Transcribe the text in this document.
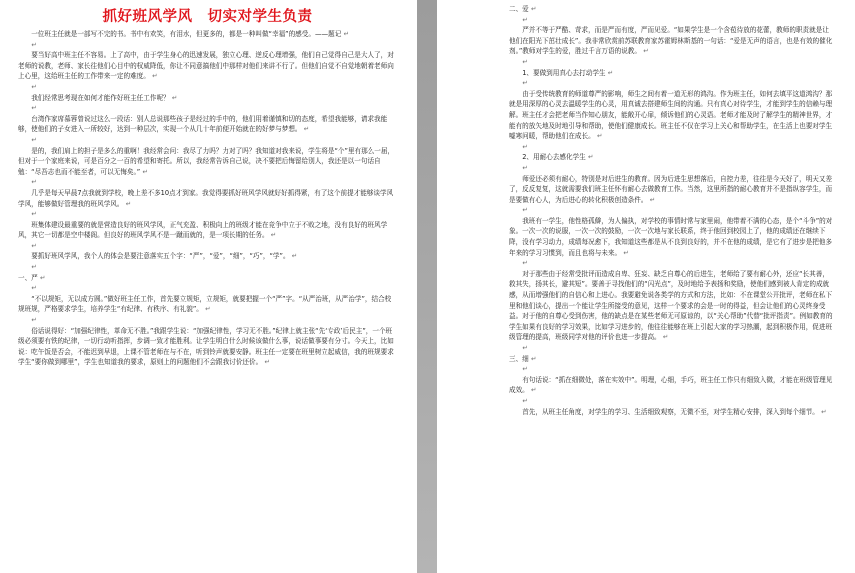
抓好班风学风　切实对学生负责

一位班主任就是一部写不完的书。书中有欢笑，有泪水，但更多的，都是一种叫做“幸福”的感受。——题记 ↵

↵

要当好高中班主任不容易。上了高中，由于学生身心的迅速发展，独立心理、逆反心理增强，他们自己觉得自己是大人了，对老师的说教，老师、家长往他们心目中的权威降低，你让不同意搞他们中那样对他们来讲不行了。但他们自觉不自觉地朝着老师向上心里，这给班主任的工作带来一定的难度。 ↵

↵

我们经常思考现在如何才能作好班主任工作呢？ ↵

↵

台湾作家席慕蓉曾说过这么一段话：别人总说那些孩子是经过的手中的，他们用着谨慎和切的态度，希望我能够，请求我能够，使他们的子女进入一所较好，达到一种层次，实现一个从几十年前便开始就在的好梦与梦想。 ↵

↵

是的，我们肩上的担子是多么的重啊！我经常会问：我尽了力吗？力对了吗？我知道对我来说，学生将是“个”里有那么一届，但对于一个家庭来说，可是百分之一百的希望和寄托。所以，我经常告诉自己说，决不要把后悔留给别人，我还是以一句话自勉：“尽吾志也而不能至者，可以无悔矣。” ↵

↵

几乎是每天早晨7点我就到学校，晚上差不多10点才到家。我觉得要抓好班风学风就好好抓得紧，有了这个前提才能够谈学风学风，能够做好管理我的班风学风。 ↵

↵

班集体建设最重要的就是营造良好的班风学风，正气充盈、积极向上的班级才能在竞争中立于不败之地，没有良好的班风学风，其它一切都是空中楼阁。但良好的班风学风不是一蹴而就的，是一项长期的任务。 ↵

↵

要抓好班风学风，我个人的体会是要注意落实五个字：“严”，“爱”，“细”，“巧”，“学”。 ↵

↵

一、严 ↵

↵

“不以规矩，无以成方圆。”做好班主任工作，首先要立规矩，立规矩，就要把握一个“严”字。“从严治班，从严治学”，结合校规班规，严格要求学生，培养学生“有纪律、有秩序、有礼貌”。 ↵

↵

俗话说得好：“加强纪律性，革命无不胜。”我跟学生说：“加强纪律性，学习无不胜。”纪律上就主张“先‘专政’后民主”，一个班级必须要有铁的纪律，一切行动听指挥，步调一致才能胜利。让学生明白什么时候该做什么事，说话做事要有分寸。今天上，比如说：吃午饭是否会，不能迟到早退，上课不管老师在与不在，听到铃声就要安静。班主任一定要在班里树立起威信，我的班规要求学生“要你做到哪里”，学生也知道我的要求，原则上的问题他们不会跟我讨价还价。 ↵

二、爱 ↵

↵

严并不等于严酷、苛求，而是严而有度，严而见爱。“如果学生是一个含苞待放的花蕾，教师的职责就是让他们在阳光下茁壮成长”。我非常欣赏前苏联教育家苏霍姆林斯基的一句话：“爱是无声的语言，也是有效的催化剂。”教师对学生的爱，胜过千言万语的说教。 ↵

↵

1、要做到用真心去打动学生 ↵

↵

由于受传统教育的师道尊严的影响，师生之间有着一道无形的鸿沟。作为班主任，如何去填平这道鸿沟？那就是用深厚的心灵去温暖学生的心灵，用真诚去搭建师生间的沟通。只有真心对待学生，才能到学生的信赖与理解。班主任才会把老师当作知心朋友，能敞开心扉，倾诉他们的心灵语。老师才能及时了解学生的精神世界，才能有的放矢地及时地引导和帮助，使他们健康成长。班主任不仅在学习上关心和帮助学生，在生活上也要对学生嘘寒问暖，帮助他们在成长。 ↵

↵

2、用耐心去感化学生 ↵

↵

师爱还必须有耐心，特别是对后进生的教育。因为后进生思想落后，自控力差，往往是今天好了，明天又差了，反反复复，这就需要我们班主任怀有耐心去做教育工作。当然，这里所指的耐心教育并不是指纵容学生，而是要做有心人，为后进心的转化积极创造条件。 ↵

↵

我班有一学生，他性格孤僻，为人偏执，对学校的事情时常与家里闹，他带着不满的心态，是个“斗争”的对象。一次一次的说服，一次一次的鼓励，一次一次地与家长联系，终于他回到校园上了，他的成绩还在继续下降，没有学习动力，成绩每况愈下，我知道这些都是从不良到良好的，并不在他的成绩，是它有了进步是把他多年来的学习习惯到，而且也将与未来。 ↵

↵

对于那些由于经常受批评而造成自卑、狂妄、缺乏自尊心的后进生，老师给了要有耐心外，还应“长其善，救其失，扬其长，避其短”。要善于寻找他们的“闪光点”，及时地给予表扬和奖励，使他们感到被人肯定的成就感，从而增强他们的自信心和上进心。我要避免说各类学的方式和方法，比如：不在课堂公开批评，老师在私下里和他们谈心，提出一个能让学生所接受的意见，这样一个要求的会是一时的得益，但会让他们的心灵终身受益。对于他的自尊心受到伤害，他的缺点是在某些老师无可原谅的，以“关心帮助”代替“批评指责”。例如教育的学生如果有良好的学习效果，比如学习进步的，他往往能够在班上引起大家的学习热潮，起到积极作用，促进班级管理的提高，班级同学对他的评价也进一步提高。 ↵

↵

三、细 ↵

↵

有句话说：“抓在细微处，落在实效中”。明理，心细，手巧，班主任工作只有细致入微，才能在班级管理见成效。 ↵

↵

首先，从班主任角度，对学生的学习、生活细致观察，无微不至，对学生精心安排，深入到每个细节。 ↵
